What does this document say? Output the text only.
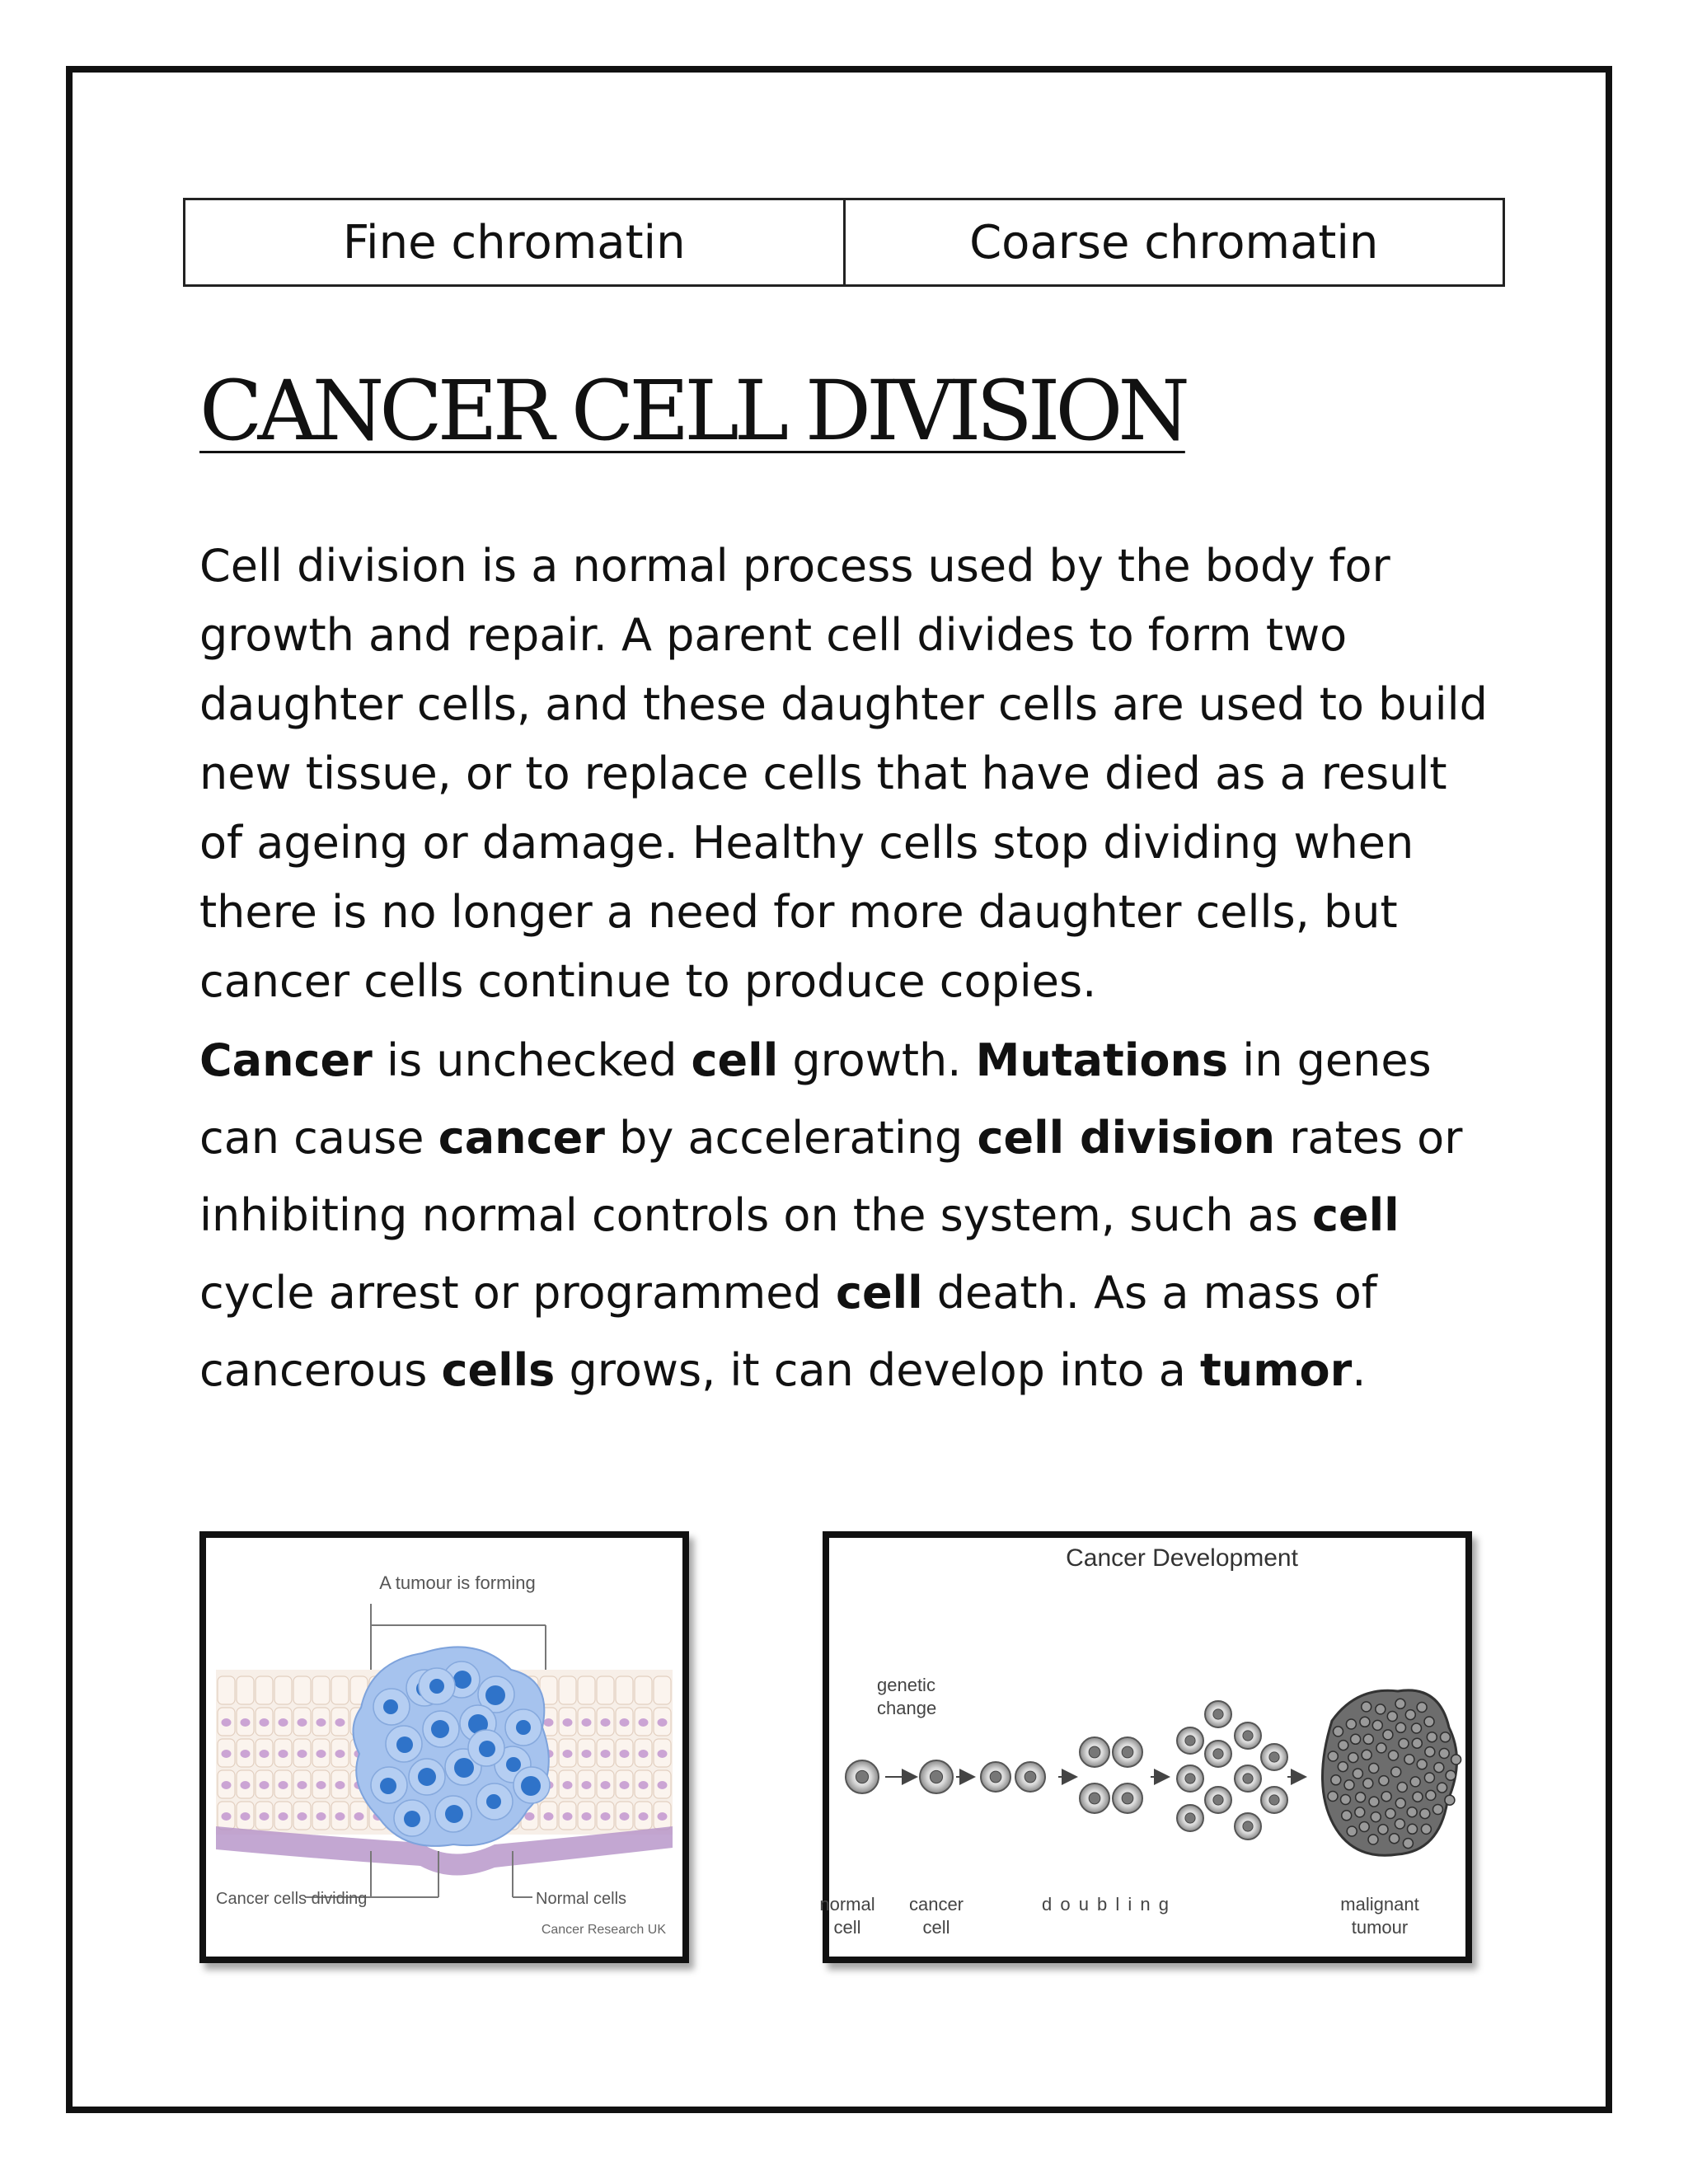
Fine chromatin	Coarse chromatin
CANCER CELL DIVISION

Cell division is a normal process used by the body for growth and repair. A parent cell divides to form two daughter cells, and these daughter cells are used to build new tissue, or to replace cells that have died as a result of ageing or damage. Healthy cells stop dividing when there is no longer a need for more daughter cells, but cancer cells continue to produce copies.

Cancer is unchecked cell growth. Mutations in genes can cause cancer by accelerating cell division rates or inhibiting normal controls on the system, such as cell cycle arrest or programmed cell death. As a mass of cancerous cells grows, it can develop into a tumor.

A tumour is forming
Cancer cells dividing	Normal cells
Cancer Research UK
Cancer Development
genetic
change
normal
cell
cancer
cell
d o u b l i n g	malignant
tumour
